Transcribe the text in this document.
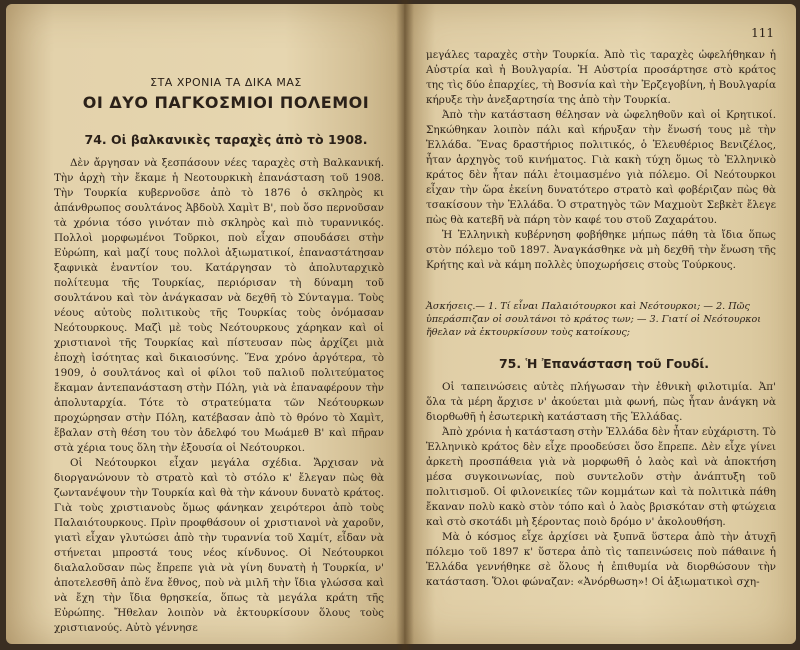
ΣΤΑ ΧΡΟΝΙΑ ΤΑ ΔΙΚΑ ΜΑΣ
ΟΙ ΔΥΟ ΠΑΓΚΟΣΜΙΟΙ ΠΟΛΕΜΟΙ
74. Οἱ βαλκανικὲς ταραχὲς ἀπὸ τὸ 1908.

Δὲν ἄργησαν νὰ ξεσπάσουν νέες ταραχὲς στὴ Βαλκανική. Τὴν ἀρχὴ τὴν ἔκαμε ἡ Νεοτουρκικὴ ἐπανάσταση τοῦ 1908. Τὴν Τουρκία κυβερνοῦσε ἀπὸ τὸ 1876 ὁ σκληρὸς κι ἀπάνθρωπος σουλτάνος Ἀβδοὺλ Χαμὶτ Β', ποὺ ὅσο περνοῦσαν τὰ χρόνια τόσο γινόταν πιὸ σκληρὸς καὶ πιὸ τυραννικός. Πολλοὶ μορφωμένοι Τοῦρκοι, ποὺ εἶχαν σπουδάσει στὴν Εὐρώπη, καὶ μαζί τους πολλοὶ ἀξιωματικοί, ἐπαναστάτησαν ξαφνικὰ ἐναντίον του. Κατάργησαν τὸ ἀπολυταρχικὸ πολίτευμα τῆς Τουρκίας, περιόρισαν τὴ δύναμη τοῦ σουλτάνου καὶ τὸν ἀνάγκασαν νὰ δεχθῆ τὸ Σύνταγμα. Τοὺς νέους αὐτοὺς πολιτικοὺς τῆς Τουρκίας τοὺς ὀνόμασαν Νεότουρκους. Μαζὶ μὲ τοὺς Νεότουρκους χάρηκαν καὶ οἱ χριστιανοὶ τῆς Τουρκίας καὶ πίστευσαν πὼς ἀρχίζει μιὰ ἐποχὴ ἰσότητας καὶ δικαιοσύνης. Ἕνα χρόνο ἀργότερα, τὸ 1909, ὁ σουλτάνος καὶ οἱ φίλοι τοῦ παλιοῦ πολιτεύματος ἔκαμαν ἀντεπανάσταση στὴν Πόλη, γιὰ νὰ ἐπαναφέρουν τὴν ἀπολυταρχία. Τότε τὸ στρατεύματα τῶν Νεότουρκων προχώρησαν στὴν Πόλη, κατέβασαν ἀπὸ τὸ θρόνο τὸ Χαμὶτ, ἔβαλαν στὴ θέση του τὸν ἀδελφό του Μωάμεθ Β' καὶ πῆραν στὰ χέρια τους ὅλη τὴν ἐξουσία οἱ Νεότουρκοι.

Οἱ Νεότουρκοι εἶχαν μεγάλα σχέδια. Ἄρχισαν νὰ διοργανώνουν τὸ στρατὸ καὶ τὸ στόλο κ' ἔλεγαν πὼς θὰ ζωντανέψουν τὴν Τουρκία καὶ θὰ τὴν κάνουν δυνατὸ κράτος. Γιὰ τοὺς χριστιανοὺς ὅμως φάνηκαν χειρότεροι ἀπὸ τοὺς Παλαιότουρκους. Πρὶν προφθάσουν οἱ χριστιανοὶ νὰ χαροῦν, γιατὶ εἶχαν γλυτώσει ἀπὸ τὴν τυραννία τοῦ Χαμίτ, εἶδαν νὰ στήνεται μπροστά τους νέος κίνδυνος. Οἱ Νεότουρκοι διαλαλοῦσαν πὼς ἔπρεπε γιὰ νὰ γίνη δυνατὴ ἡ Τουρκία, ν' ἀποτελεσθῆ ἀπὸ ἕνα ἔθνος, ποὺ νὰ μιλῆ τὴν ἴδια γλώσσα καὶ νὰ ἔχη τὴν ἴδια θρησκεία, ὅπως τὰ μεγάλα κράτη τῆς Εὐρώπης. Ἤθελαν λοιπὸν νὰ ἐκτουρκίσουν ὅλους τοὺς χριστιανούς. Αὐτὸ γέννησε

111

μεγάλες ταραχὲς στὴν Τουρκία. Ἀπὸ τὶς ταραχὲς ὠφελήθηκαν ἡ Αὐστρία καὶ ἡ Βουλγαρία. Ἡ Αὐστρία προσάρτησε στὸ κράτος της τὶς δύο ἐπαρχίες, τὴ Βοσνία καὶ τὴν Ἐρζεγοβίνη, ἡ Βουλγαρία κήρυξε τὴν ἀνεξαρτησία της ἀπὸ τὴν Τουρκία.

Ἀπὸ τὴν κατάσταση θέλησαν νὰ ὠφεληθοῦν καὶ οἱ Κρητικοί. Σηκώθηκαν λοιπὸν πάλι καὶ κήρυξαν τὴν ἕνωσή τους μὲ τὴν Ἑλλάδα. Ἕνας δραστήριος πολιτικός, ὁ Ἐλευθέριος Βενιζέλος, ἦταν ἀρχηγὸς τοῦ κινήματος. Γιὰ κακὴ τύχη ὅμως τὸ Ἑλληνικὸ κράτος δὲν ἦταν πάλι ἑτοιμασμένο γιὰ πόλεμο. Οἱ Νεότουρκοι εἶχαν τὴν ὥρα ἐκείνη δυνατότερο στρατὸ καὶ φοβέριζαν πὼς θὰ τσακίσουν τὴν Ἑλλάδα. Ὁ στρατηγὸς τῶν Μαχμοὺτ Σεβκὲτ ἔλεγε πὼς θὰ κατεβῆ νὰ πάρη τὸν καφέ του στοῦ Ζαχαράτου.

Ἡ Ἑλληνικὴ κυβέρνηση φοβήθηκε μήπως πάθη τὰ ἴδια ὅπως στὸν πόλεμο τοῦ 1897. Ἀναγκάσθηκε νὰ μὴ δεχθῆ τὴν ἕνωση τῆς Κρήτης καὶ νὰ κάμη πολλὲς ὑποχωρήσεις στοὺς Τούρκους.

Ἀσκήσεις.— 1. Τί εἶναι Παλαιότουρκοι καὶ Νεότουρκοι; — 2. Πῶς ὑπεράσπιζαν οἱ σουλτάνοι τὸ κράτος των; — 3. Γιατί οἱ Νεότουρκοι ἤθελαν νὰ ἐκτουρκίσουν τοὺς κατοίκους;
75. Ἡ Ἐπανάσταση τοῦ Γουδί.

Οἱ ταπεινώσεις αὐτὲς πλήγωσαν τὴν ἐθνικὴ φιλοτιμία. Ἀπ' ὅλα τὰ μέρη ἄρχισε ν' ἀκούεται μιὰ φωνή, πὼς ἦταν ἀνάγκη νὰ διορθωθῆ ἡ ἐσωτερικὴ κατάσταση τῆς Ἑλλάδας.

Ἀπὸ χρόνια ἡ κατάσταση στὴν Ἑλλάδα δὲν ἦταν εὐχάριστη. Τὸ Ἑλληνικὸ κράτος δὲν εἶχε προοδεύσει ὅσο ἔπρεπε. Δὲν εἶχε γίνει ἀρκετὴ προσπάθεια γιὰ νὰ μορφωθῆ ὁ λαὸς καὶ νὰ ἀποκτήση μέσα συγκοινωνίας, ποὺ συντελοῦν στὴν ἀνάπτυξη τοῦ πολιτισμοῦ. Οἱ φιλονεικίες τῶν κομμάτων καὶ τὰ πολιτικὰ πάθη ἔκαναν πολὺ κακὸ στὸν τόπο καὶ ὁ λαὸς βρισκόταν στὴ φτώχεια καὶ στὸ σκοτάδι μὴ ξέροντας ποιὸ δρόμο ν' ἀκολουθήση.

Μὰ ὁ κόσμος εἶχε ἀρχίσει νὰ ξυπνᾶ ὕστερα ἀπὸ τὴν ἀτυχῆ πόλεμο τοῦ 1897 κ' ὕστερα ἀπὸ τὶς ταπεινώσεις ποὺ πάθαινε ἡ Ἑλλάδα γεννήθηκε σὲ ὅλους ἡ ἐπιθυμία νὰ διορθώσουν τὴν κατάσταση. Ὅλοι φώναζαν: «Ἀνόρθωση»! Οἱ ἀξιωματικοὶ σχη-
